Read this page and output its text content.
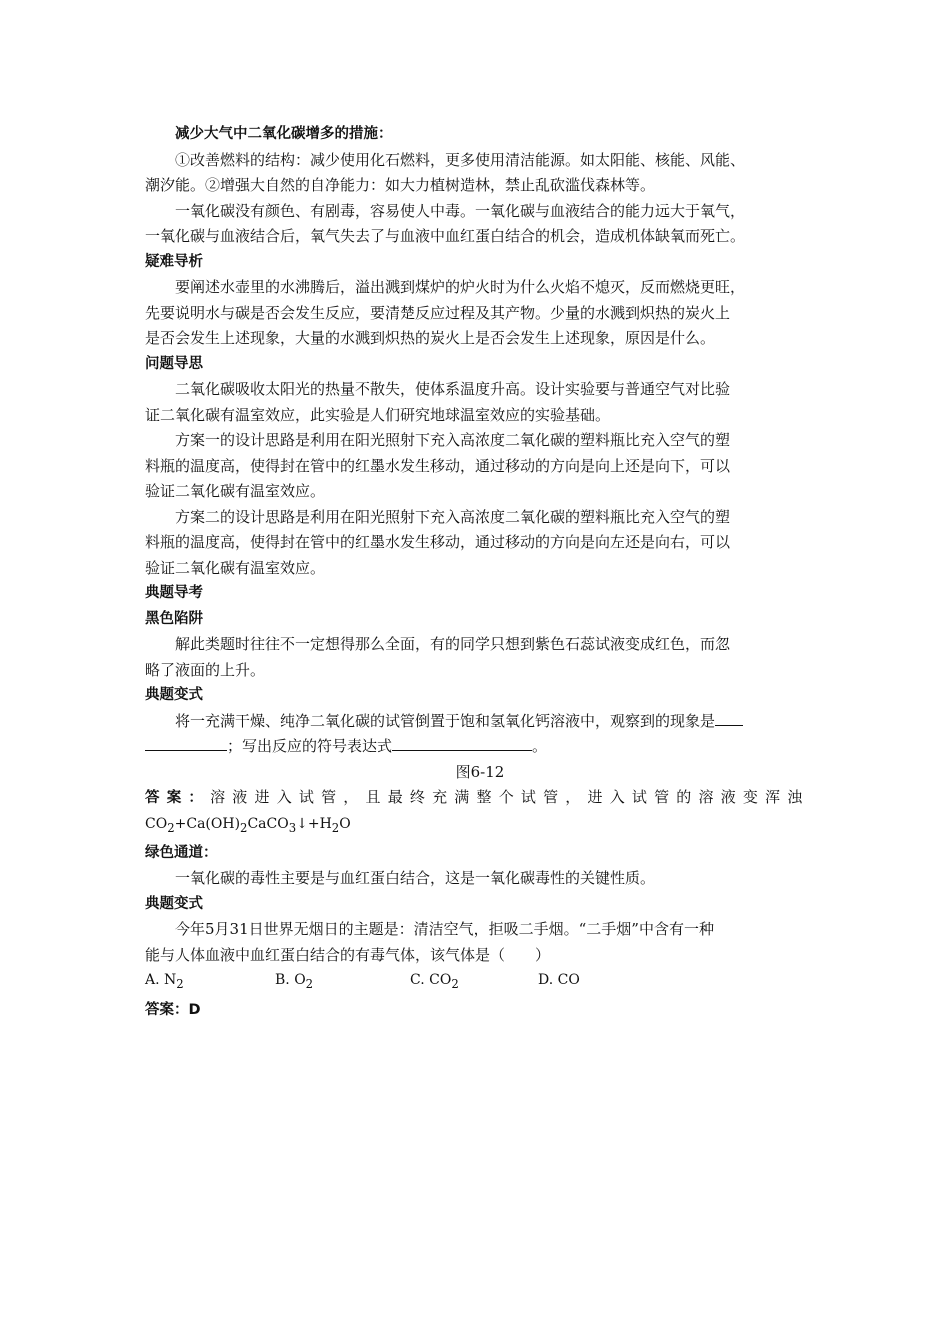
减少大气中二氧化碳增多的措施：
①改善燃料的结构：减少使用化石燃料，更多使用清洁能源。如太阳能、核能、风能、
潮汐能。②增强大自然的自净能力：如大力植树造林，禁止乱砍滥伐森林等。
一氧化碳没有颜色、有剧毒，容易使人中毒。一氧化碳与血液结合的能力远大于氧气，
一氧化碳与血液结合后，氧气失去了与血液中血红蛋白结合的机会，造成机体缺氧而死亡。
疑难导析
要阐述水壶里的水沸腾后，溢出溅到煤炉的炉火时为什么火焰不熄灭，反而燃烧更旺，
先要说明水与碳是否会发生反应，要清楚反应过程及其产物。少量的水溅到炽热的炭火上
是否会发生上述现象，大量的水溅到炽热的炭火上是否会发生上述现象，原因是什么。
问题导思
二氧化碳吸收太阳光的热量不散失，使体系温度升高。设计实验要与普通空气对比验
证二氧化碳有温室效应，此实验是人们研究地球温室效应的实验基础。
方案一的设计思路是利用在阳光照射下充入高浓度二氧化碳的塑料瓶比充入空气的塑
料瓶的温度高，使得封在管中的红墨水发生移动，通过移动的方向是向上还是向下，可以
验证二氧化碳有温室效应。
方案二的设计思路是利用在阳光照射下充入高浓度二氧化碳的塑料瓶比充入空气的塑
料瓶的温度高，使得封在管中的红墨水发生移动，通过移动的方向是向左还是向右，可以
验证二氧化碳有温室效应。
典题导考
黑色陷阱
解此类题时往往不一定想得那么全面，有的同学只想到紫色石蕊试液变成红色，而忽
略了液面的上升。
典题变式
将一充满干燥、纯净二氧化碳的试管倒置于饱和氢氧化钙溶液中，观察到的现象是
；写出反应的符号表达式	。
图6-12
答案：溶液进入试管，且最终充满整个试管，进入试管的溶液变浑浊
$CO_2+Ca(OH)_2CaCO_3↓+H_2O$
绿色通道：
一氧化碳的毒性主要是与血红蛋白结合，这是一氧化碳毒性的关键性质。
典题变式
今年5月31日世界无烟日的主题是：清洁空气，拒吸二手烟。“二手烟”中含有一种
能与人体血液中血红蛋白结合的有毒气体，该气体是（　　）
A. $N_2$	B. $O_2$	C. $CO_2$	D. CO
答案：D
